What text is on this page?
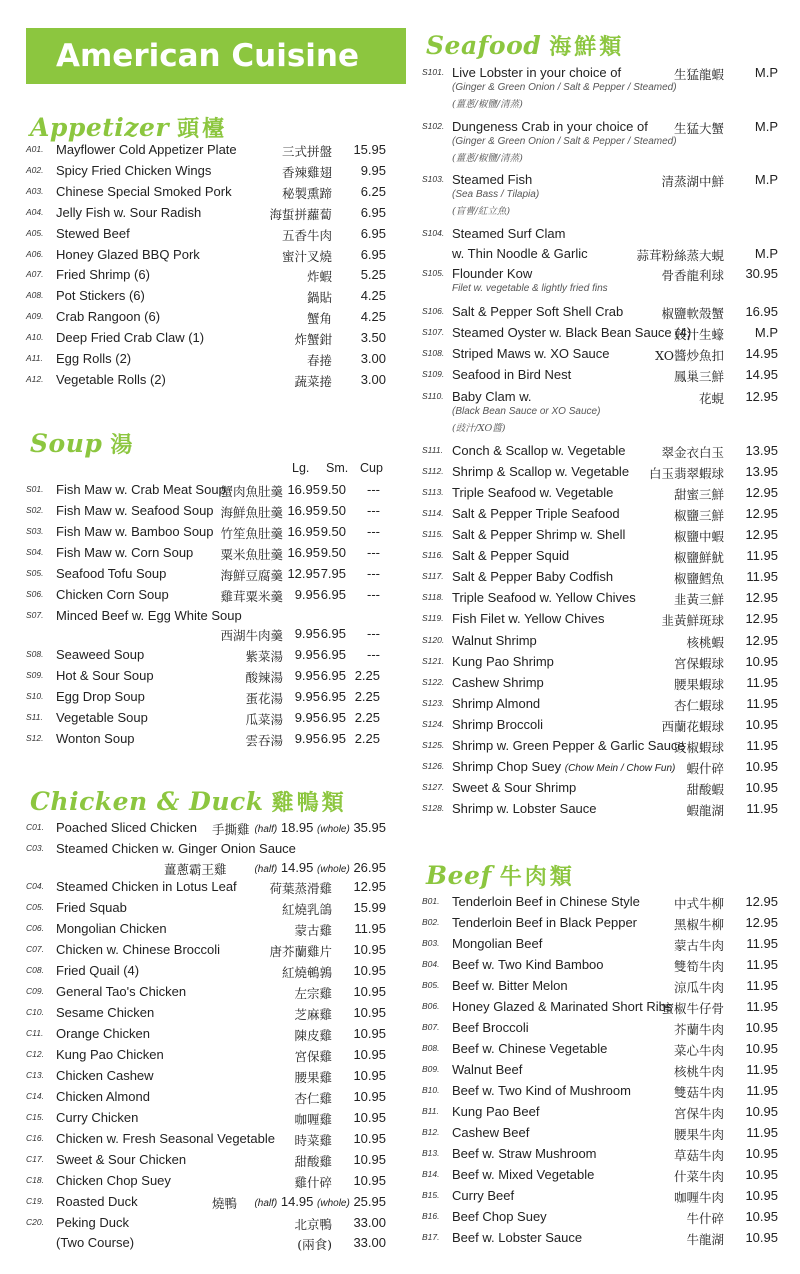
American Cuisine
Appetizer 頭檯
A01. Mayflower Cold Appetizer Plate	三式拼盤 15.95
A02. Spicy Fried Chicken Wings	香辣雞翅 9.95
A03. Chinese Special Smoked Pork	秘製熏蹄 6.25
A04. Jelly Fish w. Sour Radish	海蜇拼蘿蔔 6.95
A05. Stewed Beef	五香牛肉 6.95
A06. Honey Glazed BBQ Pork	蜜汁叉燒 6.95
A07. Fried Shrimp (6)	炸蝦 5.25
A08. Pot Stickers (6)	鍋貼 4.25
A09. Crab Rangoon (6)	蟹角 4.25
A10. Deep Fried Crab Claw (1)	炸蟹鉗 3.50
A11. Egg Rolls (2)	春捲 3.00
A12. Vegetable Rolls (2)	蔬菜捲 3.00
Soup 湯
Lg. Sm. Cup
S01. Fish Maw w. Crab Meat Soup
蟹肉魚肚羹 16.95 9.50	---
S02. Fish Maw w. Seafood Soup 海鮮魚肚羹 16.95 9.50	---
S03. Fish Maw w. Bamboo Soup 竹笙魚肚羹 16.95 9.50	---
S04. Fish Maw w. Corn Soup 粟米魚肚羹 16.95 9.50	---
S05. Seafood Tofu Soup	海鮮豆腐羹 12.95 7.95	---
S06. Chicken Corn Soup	雞茸粟米羹 9.95 6.95	---
S07. Minced Beef w. Egg White Soup
西湖牛肉羹 9.95 6.95	---
S08. Seaweed Soup	紫菜湯 9.95 6.95	---
S09. Hot & Sour Soup	酸辣湯 9.95 6.95 2.25
S10. Egg Drop Soup	蛋花湯 9.95 6.95 2.25
S11. Vegetable Soup	瓜菜湯 9.95 6.95 2.25
S12. Wonton Soup	雲吞湯 9.95 6.95 2.25
Chicken & Duck 雞鴨類
C01. Poached Sliced Chicken 手撕雞 (half) 18.95 (whole) 35.95
C03. Steamed Chicken w. Ginger Onion Sauce
薑蔥霸王雞	(half) 14.95 (whole) 26.95
C04. Steamed Chicken in Lotus Leaf	荷葉蒸滑雞 12.95
C05. Fried Squab	紅燒乳鴿 15.99
C06. Mongolian Chicken	蒙古雞 11.95
C07. Chicken w. Chinese Broccoli	唐芥蘭雞片 10.95
C08. Fried Quail (4)	紅燒鵪鶉 10.95
C09. General Tao's Chicken	左宗雞 10.95
C10. Sesame Chicken	芝麻雞 10.95
C11. Orange Chicken	陳皮雞 10.95
C12. Kung Pao Chicken	宮保雞 10.95
C13. Chicken Cashew	腰果雞 10.95
C14. Chicken Almond	杏仁雞 10.95
C15. Curry Chicken	咖喱雞 10.95
C16. Chicken w. Fresh Seasonal Vegetable 時菜雞 10.95
C17. Sweet & Sour Chicken	甜酸雞 10.95
C18. Chicken Chop Suey	雞什碎 10.95
C19. Roasted Duck	燒鴨 (half) 14.95 (whole) 25.95
C20. Peking Duck	北京鴨 33.00
(Two Course)	(兩食) 33.00
Seafood 海鮮類
S101. Live Lobster in your choice of	生猛龍蝦 M.P
(Ginger & Green Onion / Salt & Pepper / Steamed)
(薑蔥/椒鹽/清蒸)
S102. Dungeness Crab in your choice of 生猛大蟹 M.P
(Ginger & Green Onion / Salt & Pepper / Steamed)
(薑蔥/椒鹽/清蒸)
S103. Steamed Fish	清蒸湖中鮮 M.P
(Sea Bass / Tilapia)
(盲曹/紅立魚)
S104. Steamed Surf Clam
w. Thin Noodle & Garlic	蒜茸粉絲蒸大蜆 M.P
S105. Flounder Kow	骨香龍利球 30.95
Filet w. vegetable & lightly fried fins
S106. Salt & Pepper Soft Shell Crab	椒鹽軟殼蟹 16.95
S107. Steamed Oyster w. Black Bean Sauce (4)
豉汁生蠔 M.P
S108. Striped Maws w. XO Sauce	XO醬炒魚扣 14.95
S109. Seafood in Bird Nest	鳳巢三鮮 14.95
S110. Baby Clam w.	花蜆 12.95
(Black Bean Sauce or XO Sauce)
(豉汁/XO醬)
S111. Conch & Scallop w. Vegetable	翠金衣白玉 13.95
S112. Shrimp & Scallop w. Vegetable 白玉翡翠蝦球 13.95
S113. Triple Seafood w. Vegetable	甜蜜三鮮 12.95
S114. Salt & Pepper Triple Seafood	椒鹽三鮮 12.95
S115. Salt & Pepper Shrimp w. Shell	椒鹽中蝦 12.95
S116. Salt & Pepper Squid	椒鹽鮮魷 11.95
S117. Salt & Pepper Baby Codfish	椒鹽鱈魚 11.95
S118. Triple Seafood w. Yellow Chives	韭黃三鮮 12.95
S119. Fish Filet w. Yellow Chives	韭黃鮮斑球 12.95
S120. Walnut Shrimp	核桃蝦 12.95
S121. Kung Pao Shrimp	宮保蝦球 10.95
S122. Cashew Shrimp	腰果蝦球 11.95
S123. Shrimp Almond	杏仁蝦球 11.95
S124. Shrimp Broccoli	西蘭花蝦球 10.95
S125. Shrimp w. Green Pepper & Garlic Sauce
豉椒蝦球 11.95
S126. Shrimp Chop Suey (Chow Mein / Chow Fun) 蝦什碎 10.95
S127. Sweet & Sour Shrimp	甜酸蝦 10.95
S128. Shrimp w. Lobster Sauce	蝦龍湖 11.95
Beef 牛肉類
B01. Tenderloin Beef in Chinese Style	中式牛柳 12.95
B02. Tenderloin Beef in Black Pepper	黑椒牛柳 12.95
B03. Mongolian Beef	蒙古牛肉 11.95
B04. Beef w. Two Kind Bamboo	雙筍牛肉 11.95
B05. Beef w. Bitter Melon	涼瓜牛肉 11.95
B06. Honey Glazed & Marinated Short Ribs
蜜椒牛仔骨 11.95
B07. Beef Broccoli	芥蘭牛肉 10.95
B08. Beef w. Chinese Vegetable	菜心牛肉 10.95
B09. Walnut Beef	核桃牛肉 11.95
B10. Beef w. Two Kind of Mushroom	雙菇牛肉 11.95
B11. Kung Pao Beef	宮保牛肉 10.95
B12. Cashew Beef	腰果牛肉 11.95
B13. Beef w. Straw Mushroom	草菇牛肉 10.95
B14. Beef w. Mixed Vegetable	什菜牛肉 10.95
B15. Curry Beef	咖喱牛肉 10.95
B16. Beef Chop Suey	牛什碎 10.95
B17. Beef w. Lobster Sauce	牛龍湖 10.95
